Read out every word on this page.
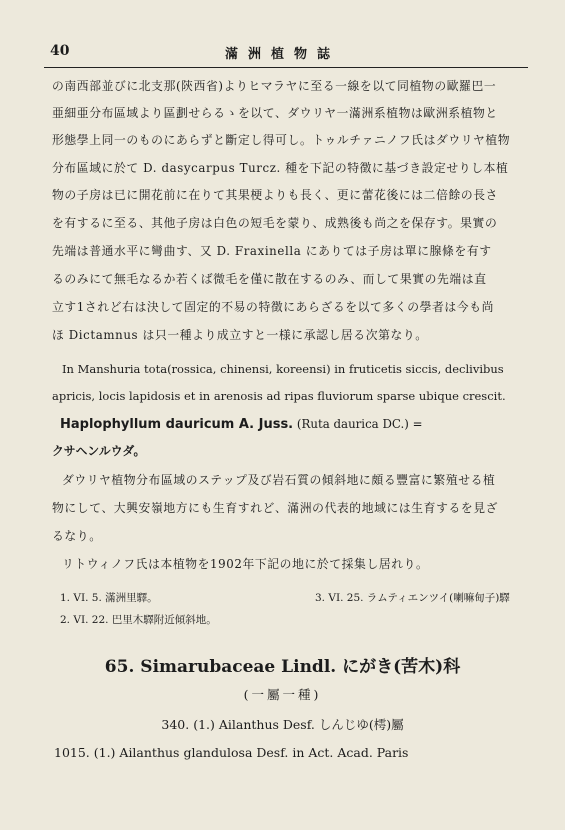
40	滿洲植物誌
の南西部並びに北支那(陝西省)よりヒマラヤに至る一線を以て同植物の歐羅巴一
亜細亜分布區域より區劃せらるゝを以て、ダウリヤ一滿洲系植物は歐洲系植物と
形態學上同一のものにあらずと斷定し得可し。トゥルチァニノフ氏はダウリヤ植物
分布區域に於て D. dasycarpus Turcz. 種を下記の特徴に基づき設定せりし本植
物の子房は已に開花前に在りて其果梗よりも長く、更に蕾花後には二倍餘の長さ
を有するに至る、其他子房は白色の短毛を蒙り、成熟後も尚之を保存す。果實の
先端は普通水平に彎曲す、又 D. Fraxinella にありては子房は單に腺條を有す
るのみにて無毛なるか若くば微毛を僅に散在するのみ、而して果實の先端は直
立す1されど右は決して固定的不易の特徴にあらざるを以て多くの學者は今も尚
ほ Dictamnus は只一種より成立すと一様に承認し居る次第なり。
In Manshuria tota(rossica, chinensi, koreensi) in fruticetis siccis, declivibus
apricis, locis lapidosis et in arenosis ad ripas fluviorum sparse ubique crescit.
Haplophyllum dauricum A. Juss. (Ruta daurica DC.) =
クサヘンルウダ。
ダウリヤ植物分布區域のステップ及び岩石質の傾斜地に頗る豐富に繁殖せる植
物にして、大興安嶺地方にも生育すれど、滿洲の代表的地域には生育するを見ざ
るなり。
リトウィノフ氏は本植物を1902年下記の地に於て採集し居れり。
1. VI. 5. 滿洲里驛。
2. VI. 22. 巴里木驛附近傾斜地。
3. VI. 25. ラムティエンツイ(喇嘛甸子)驛
65. Simarubaceae Lindl. にがき(苦木)科
(一屬一種)
340. (1.) Ailanthus Desf. しんじゆ(樗)屬
1015. (1.) Ailanthus glandulosa Desf. in Act. Acad. Paris
